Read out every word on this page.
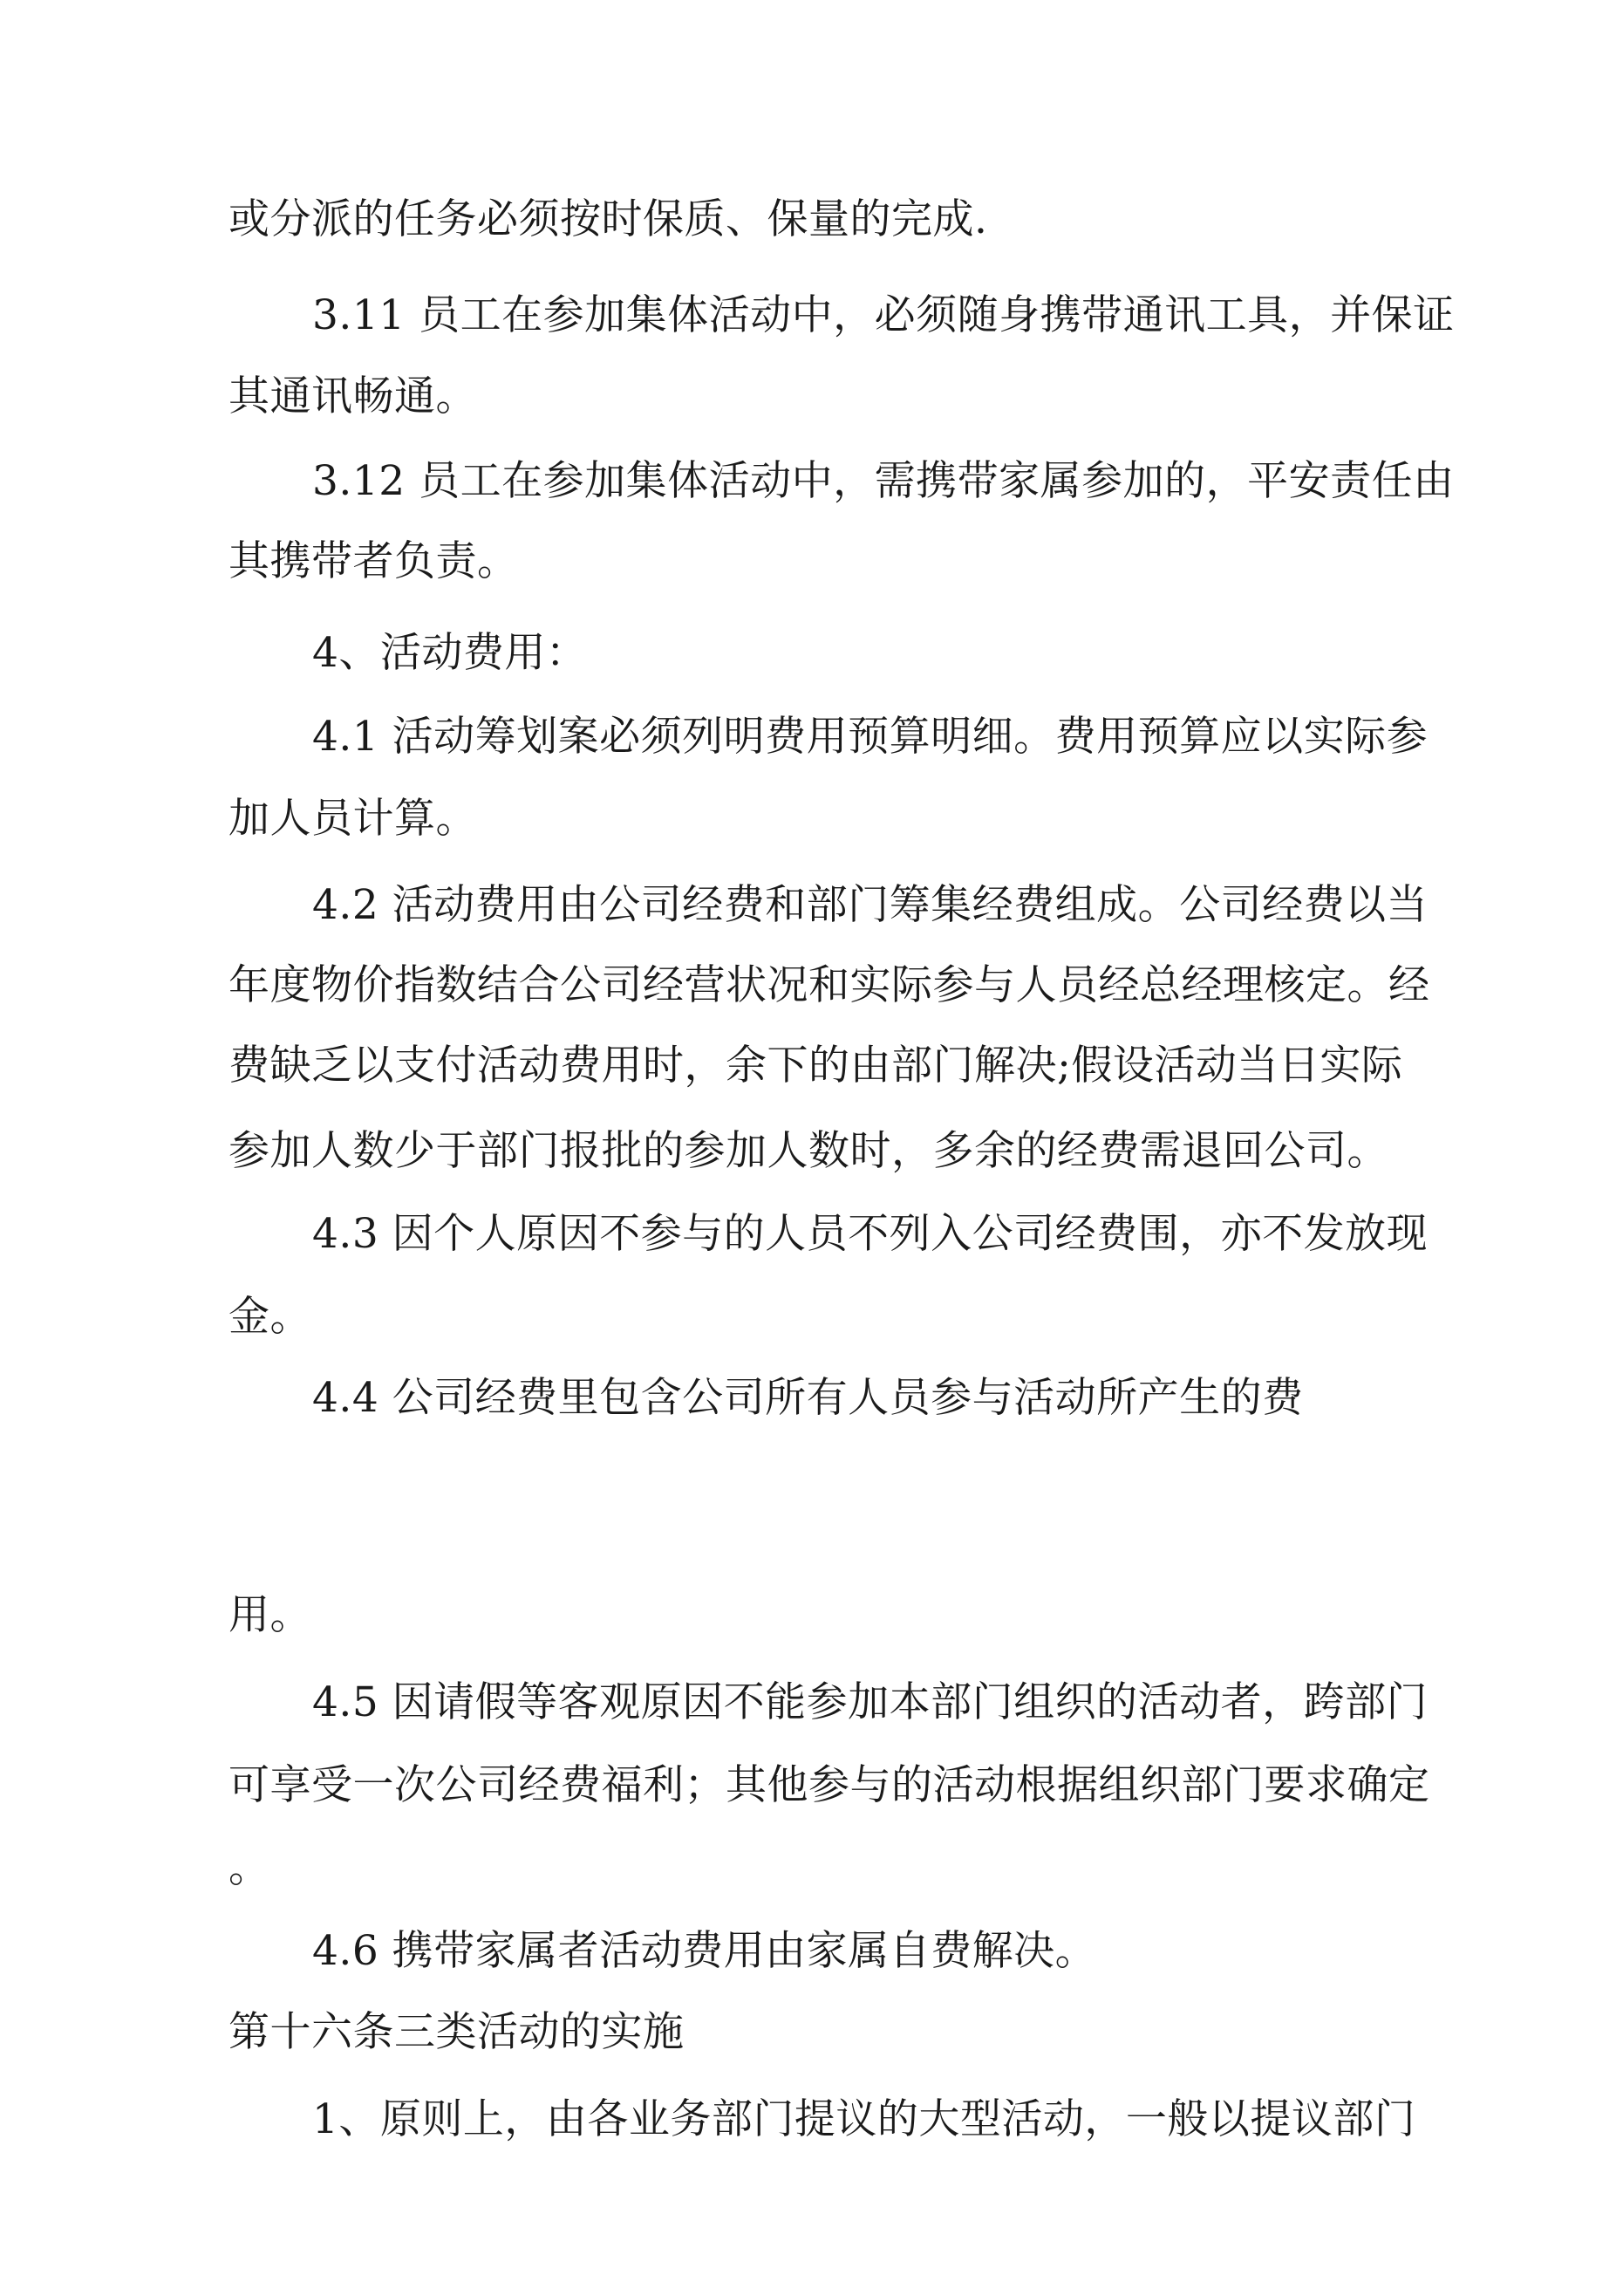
或分派的任务必须按时保质、保量的完成.
3.11 员工在参加集体活动中，必须随身携带通讯工具，并保证
其通讯畅通。
3.12 员工在参加集体活动中，需携带家属参加的，平安责任由
其携带者负责。
4、活动费用：
4.1 活动筹划案必须列明费用预算明细。费用预算应以实际参
加人员计算。
4.2 活动费用由公司经费和部门筹集经费组成。公司经费以当
年度物价指数结合公司经营状况和实际参与人员经总经理核定。经
费缺乏以支付活动费用时，余下的由部门解决;假设活动当日实际
参加人数少于部门报批的参加人数时，多余的经费需退回公司。
4.3 因个人原因不参与的人员不列入公司经费围，亦不发放现
金。
4.4 公司经费里包含公司所有人员参与活动所产生的费
用。
4.5 因请假等客观原因不能参加本部门组织的活动者，跨部门
可享受一次公司经费福利；其他参与的活动根据组织部门要求确定
。
4.6 携带家属者活动费用由家属自费解决。
第十六条三类活动的实施
1、原则上，由各业务部门提议的大型活动，一般以提议部门
